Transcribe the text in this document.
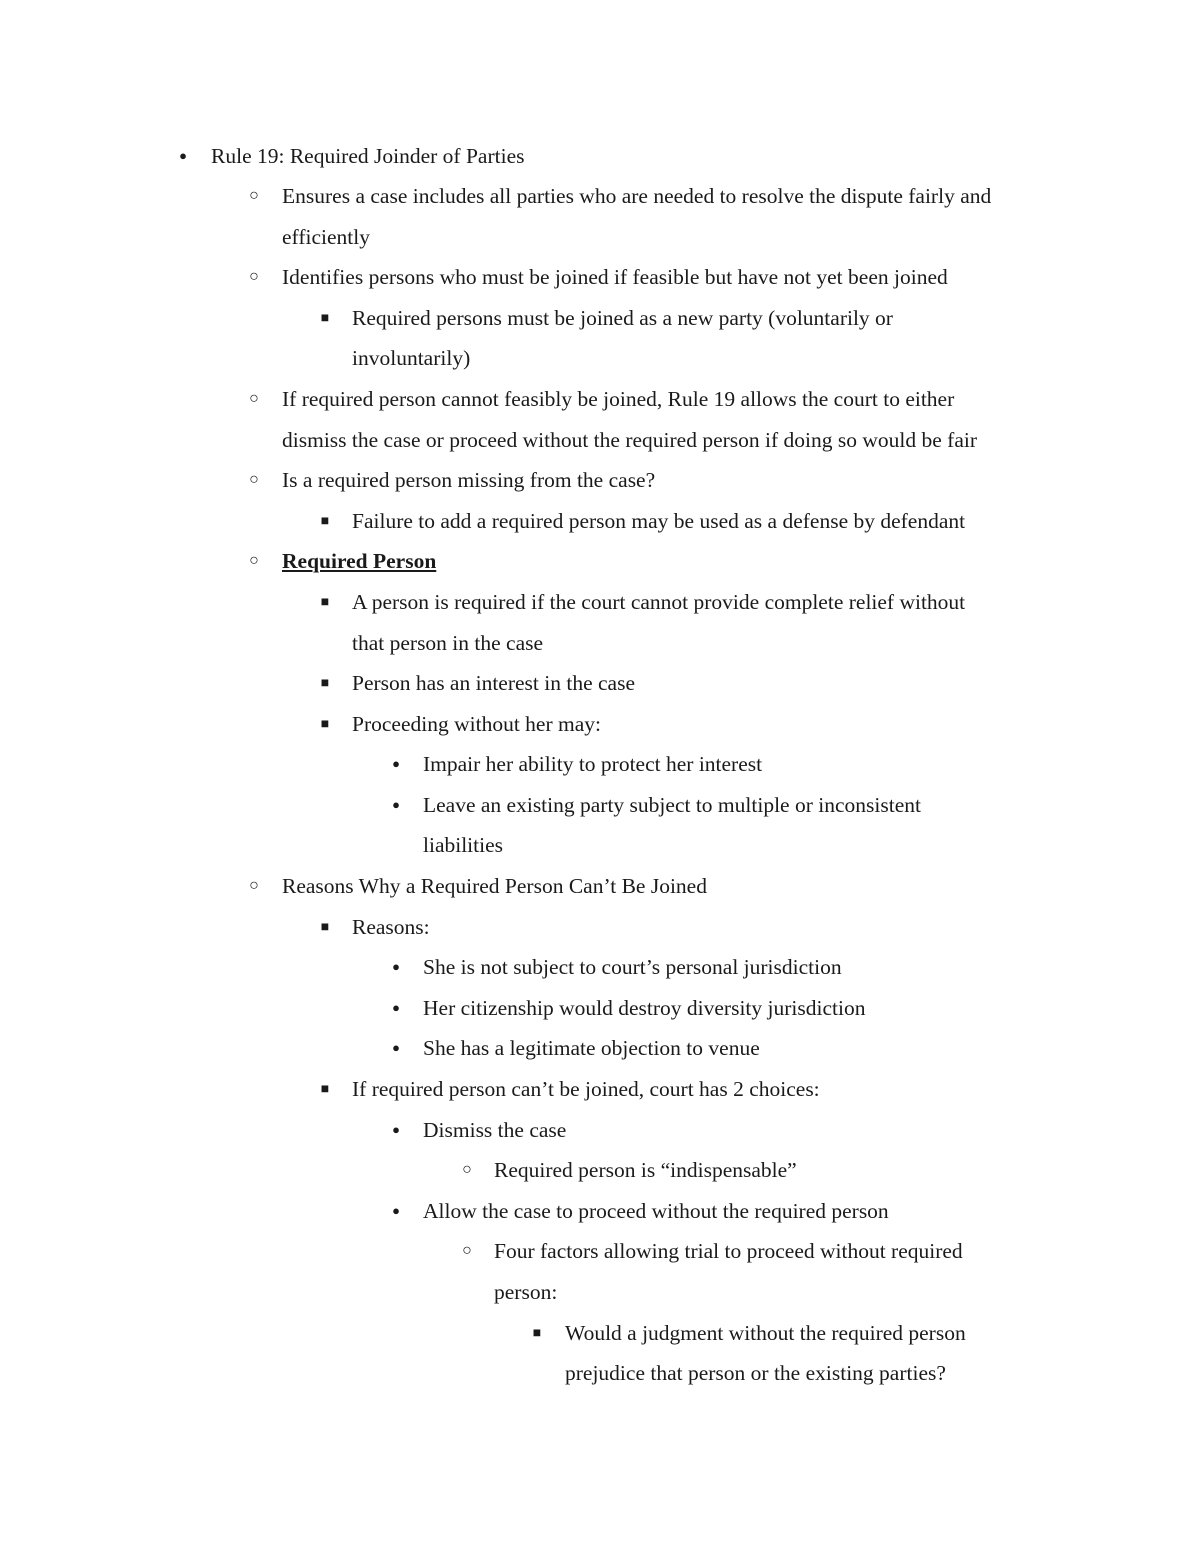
●
Rule 19: Required Joinder of Parties
○
Ensures a case includes all parties who are needed to resolve the dispute fairly and
efficiently
○
Identifies persons who must be joined if feasible but have not yet been joined
■
Required persons must be joined as a new party (voluntarily or
involuntarily)
○
If required person cannot feasibly be joined, Rule 19 allows the court to either
dismiss the case or proceed without the required person if doing so would be fair
○
Is a required person missing from the case?
■
Failure to add a required person may be used as a defense by defendant
○
Required Person
■
A person is required if the court cannot provide complete relief without
that person in the case
■
Person has an interest in the case
■
Proceeding without her may:
●
Impair her ability to protect her interest
●
Leave an existing party subject to multiple or inconsistent
liabilities
○
Reasons Why a Required Person Can’t Be Joined
■
Reasons:
●
She is not subject to court’s personal jurisdiction
●
Her citizenship would destroy diversity jurisdiction
●
She has a legitimate objection to venue
■
If required person can’t be joined, court has 2 choices:
●
Dismiss the case
○
Required person is “indispensable”
●
Allow the case to proceed without the required person
○
Four factors allowing trial to proceed without required
person:
■
Would a judgment without the required person
prejudice that person or the existing parties?
